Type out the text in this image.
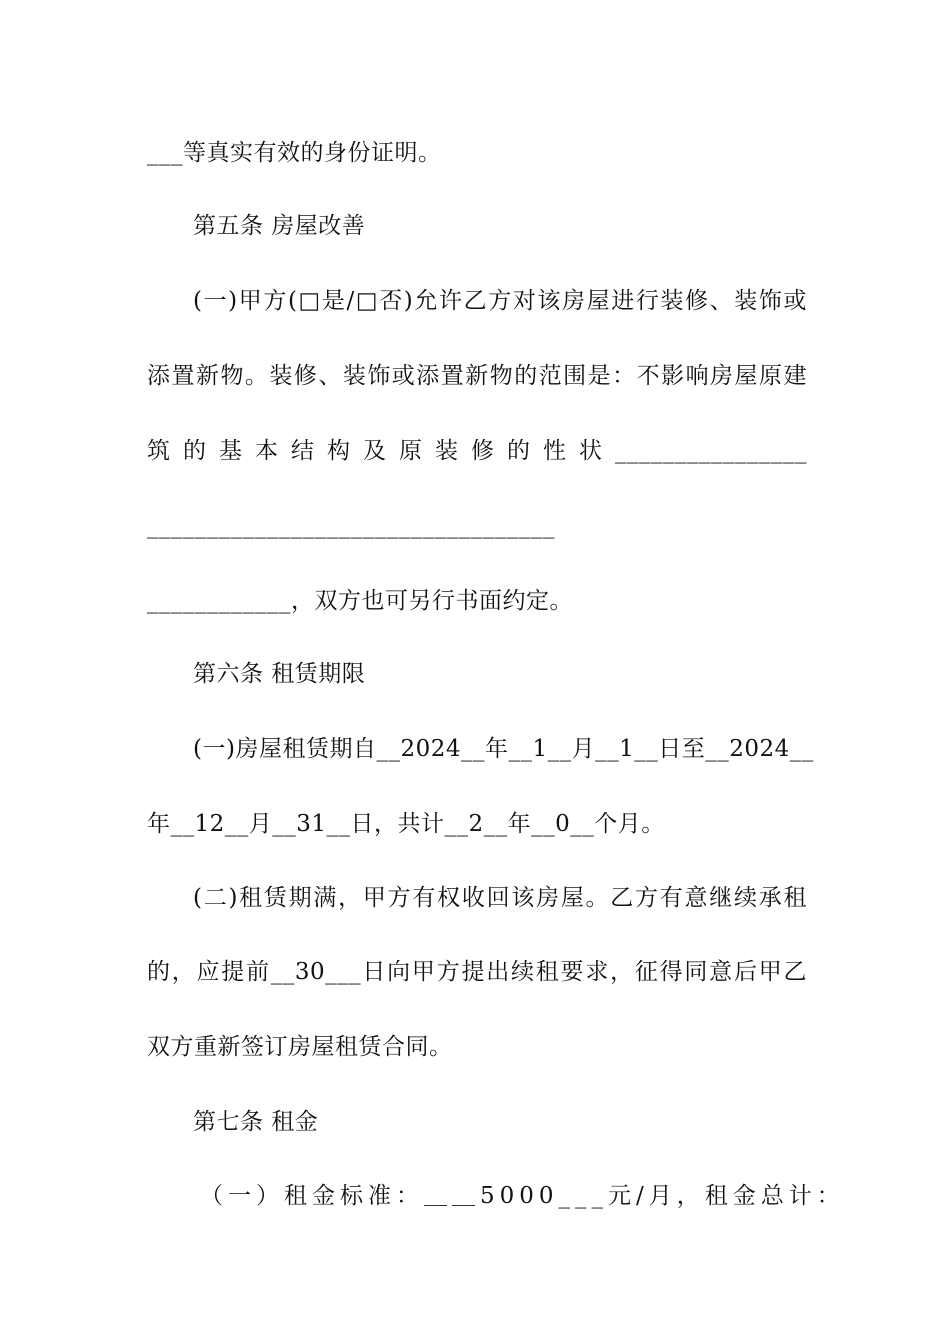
___等真实有效的身份证明。
第五条 房屋改善
(一)甲方(□是/□否)允许乙方对该房屋进行装修、装饰或
添置新物。装修、装饰或添置新物的范围是：不影响房屋原建
筑的基本结构及原装修的性状________________
__________________________________
____________，双方也可另行书面约定。
第六条 租赁期限
(一)房屋租赁期自__2024__年__1__月__1__日至__2024__
年__12__月__31__日，共计__2__年__0__个月。
(二)租赁期满，甲方有权收回该房屋。乙方有意继续承租
的，应提前__30___日向甲方提出续租要求，征得同意后甲乙
双方重新签订房屋租赁合同。
第七条 租金
（一）租金标准：＿＿5000___元/月，租金总计：
